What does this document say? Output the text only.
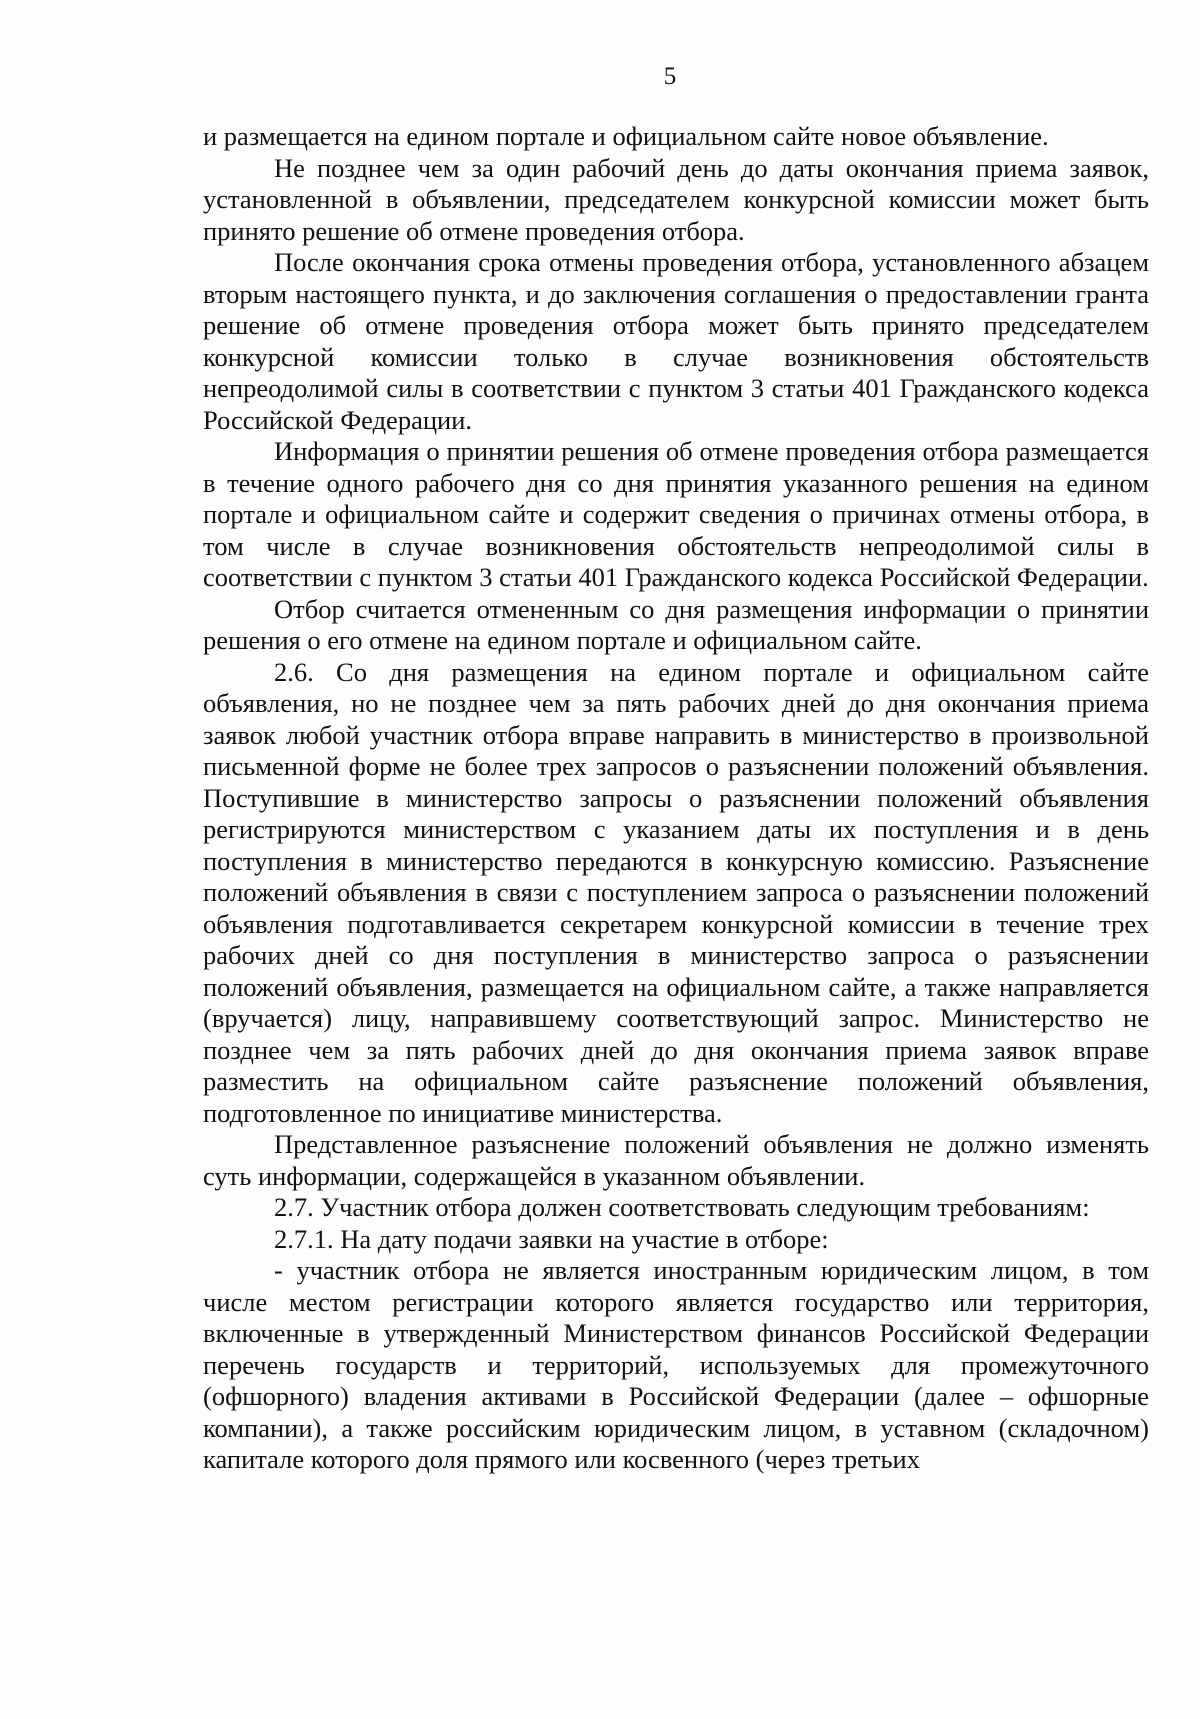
5

и размещается на едином портале и официальном сайте новое объявление.

Не позднее чем за один рабочий день до даты окончания приема заявок, установленной в объявлении, председателем конкурсной комиссии может быть принято решение об отмене проведения отбора.

После окончания срока отмены проведения отбора, установленного абзацем вторым настоящего пункта, и до заключения соглашения о предоставлении гранта решение об отмене проведения отбора может быть принято председателем конкурсной комиссии только в случае возникновения обстоятельств непреодолимой силы в соответствии с пунктом 3 статьи 401 Гражданского кодекса Российской Федерации.

Информация о принятии решения об отмене проведения отбора размещается в течение одного рабочего дня со дня принятия указанного решения на едином портале и официальном сайте и содержит сведения о причинах отмены отбора, в том числе в случае возникновения обстоятельств непреодолимой силы в соответствии с пунктом 3 статьи 401 Гражданского кодекса Российской Федерации.

Отбор считается отмененным со дня размещения информации о принятии решения о его отмене на едином портале и официальном сайте.

2.6. Со дня размещения на едином портале и официальном сайте объявления, но не позднее чем за пять рабочих дней до дня окончания приема заявок любой участник отбора вправе направить в министерство в произвольной письменной форме не более трех запросов о разъяснении положений объявления. Поступившие в министерство запросы о разъяснении положений объявления регистрируются министерством с указанием даты их поступления и в день поступления в министерство передаются в конкурсную комиссию. Разъяснение положений объявления в связи с поступлением запроса о разъяснении положений объявления подготавливается секретарем конкурсной комиссии в течение трех рабочих дней со дня поступления в министерство запроса о разъяснении положений объявления, размещается на официальном сайте, а также направляется (вручается) лицу, направившему соответствующий запрос. Министерство не позднее чем за пять рабочих дней до дня окончания приема заявок вправе разместить на официальном сайте разъяснение положений объявления, подготовленное по инициативе министерства.

Представленное разъяснение положений объявления не должно изменять суть информации, содержащейся в указанном объявлении.

2.7. Участник отбора должен соответствовать следующим требованиям:

2.7.1. На дату подачи заявки на участие в отборе:

- участник отбора не является иностранным юридическим лицом, в том числе местом регистрации которого является государство или территория, включенные в утвержденный Министерством финансов Российской Федерации перечень государств и территорий, используемых для промежуточного (офшорного) владения активами в Российской Федерации (далее – офшорные компании), а также российским юридическим лицом, в уставном (складочном) капитале которого доля прямого или косвенного (через третьих
